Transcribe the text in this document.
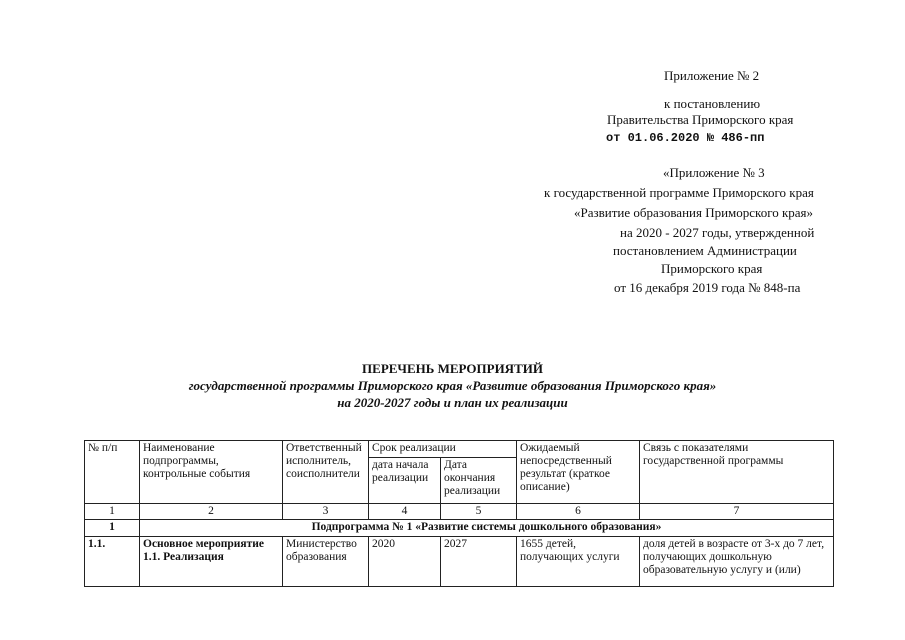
Приложение № 2
к постановлению
Правительства Приморского края
от 01.06.2020 № 486-пп
«Приложение № 3
к государственной программе Приморского края
«Развитие образования Приморского края»
на 2020 - 2027 годы, утвержденной
постановлением Администрации
Приморского края
от 16 декабря 2019 года № 848-па
ПЕРЕЧЕНЬ МЕРОПРИЯТИЙ
государственной программы Приморского края «Развитие образования Приморского края»
на 2020-2027 годы и план их реализации
№ п/п	Наименование подпрограммы, контрольные события	Ответственный исполнитель, соисполнители	Срок реализации		Ожидаемый непосредственный результат (краткое описание)	Связь с показателями государственной программы
			дата начала реализации	Дата окончания реализации		
1	2	3	4	5	6	7
1	Подпрограмма № 1 «Развитие системы дошкольного образования»					
1.1.	Основное мероприятие 1.1. Реализация	Министерство образования	2020	2027	1655 детей, получающих услуги	доля детей в возрасте от 3-х до 7 лет, получающих дошкольную образовательную услугу и (или)
